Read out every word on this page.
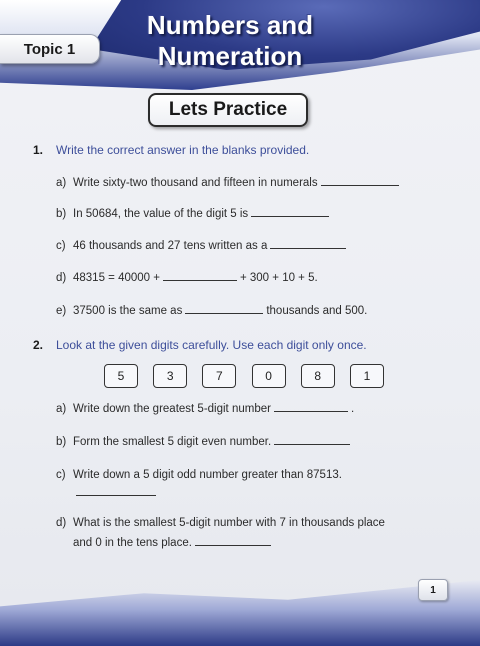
Topic 1
Numbers and
Numeration
Lets Practice
1. Write the correct answer in the blanks provided.
a) Write sixty-two thousand and fifteen in numerals
b) In 50684, the value of the digit 5 is
c) 46 thousands and 27 tens written as a
d) 48315 = 40000 +	+ 300 + 10 + 5.
e) 37500 is the same as	thousands and 500.
2. Look at the given digits carefully. Use each digit only once.
5	3	7	0	8	1
a) Write down the greatest 5-digit number	.
b) Form the smallest 5 digit even number.
c) Write down a 5 digit odd number greater than 87513.
d) What is the smallest 5-digit number with 7 in thousands place
and 0 in the tens place.
1
